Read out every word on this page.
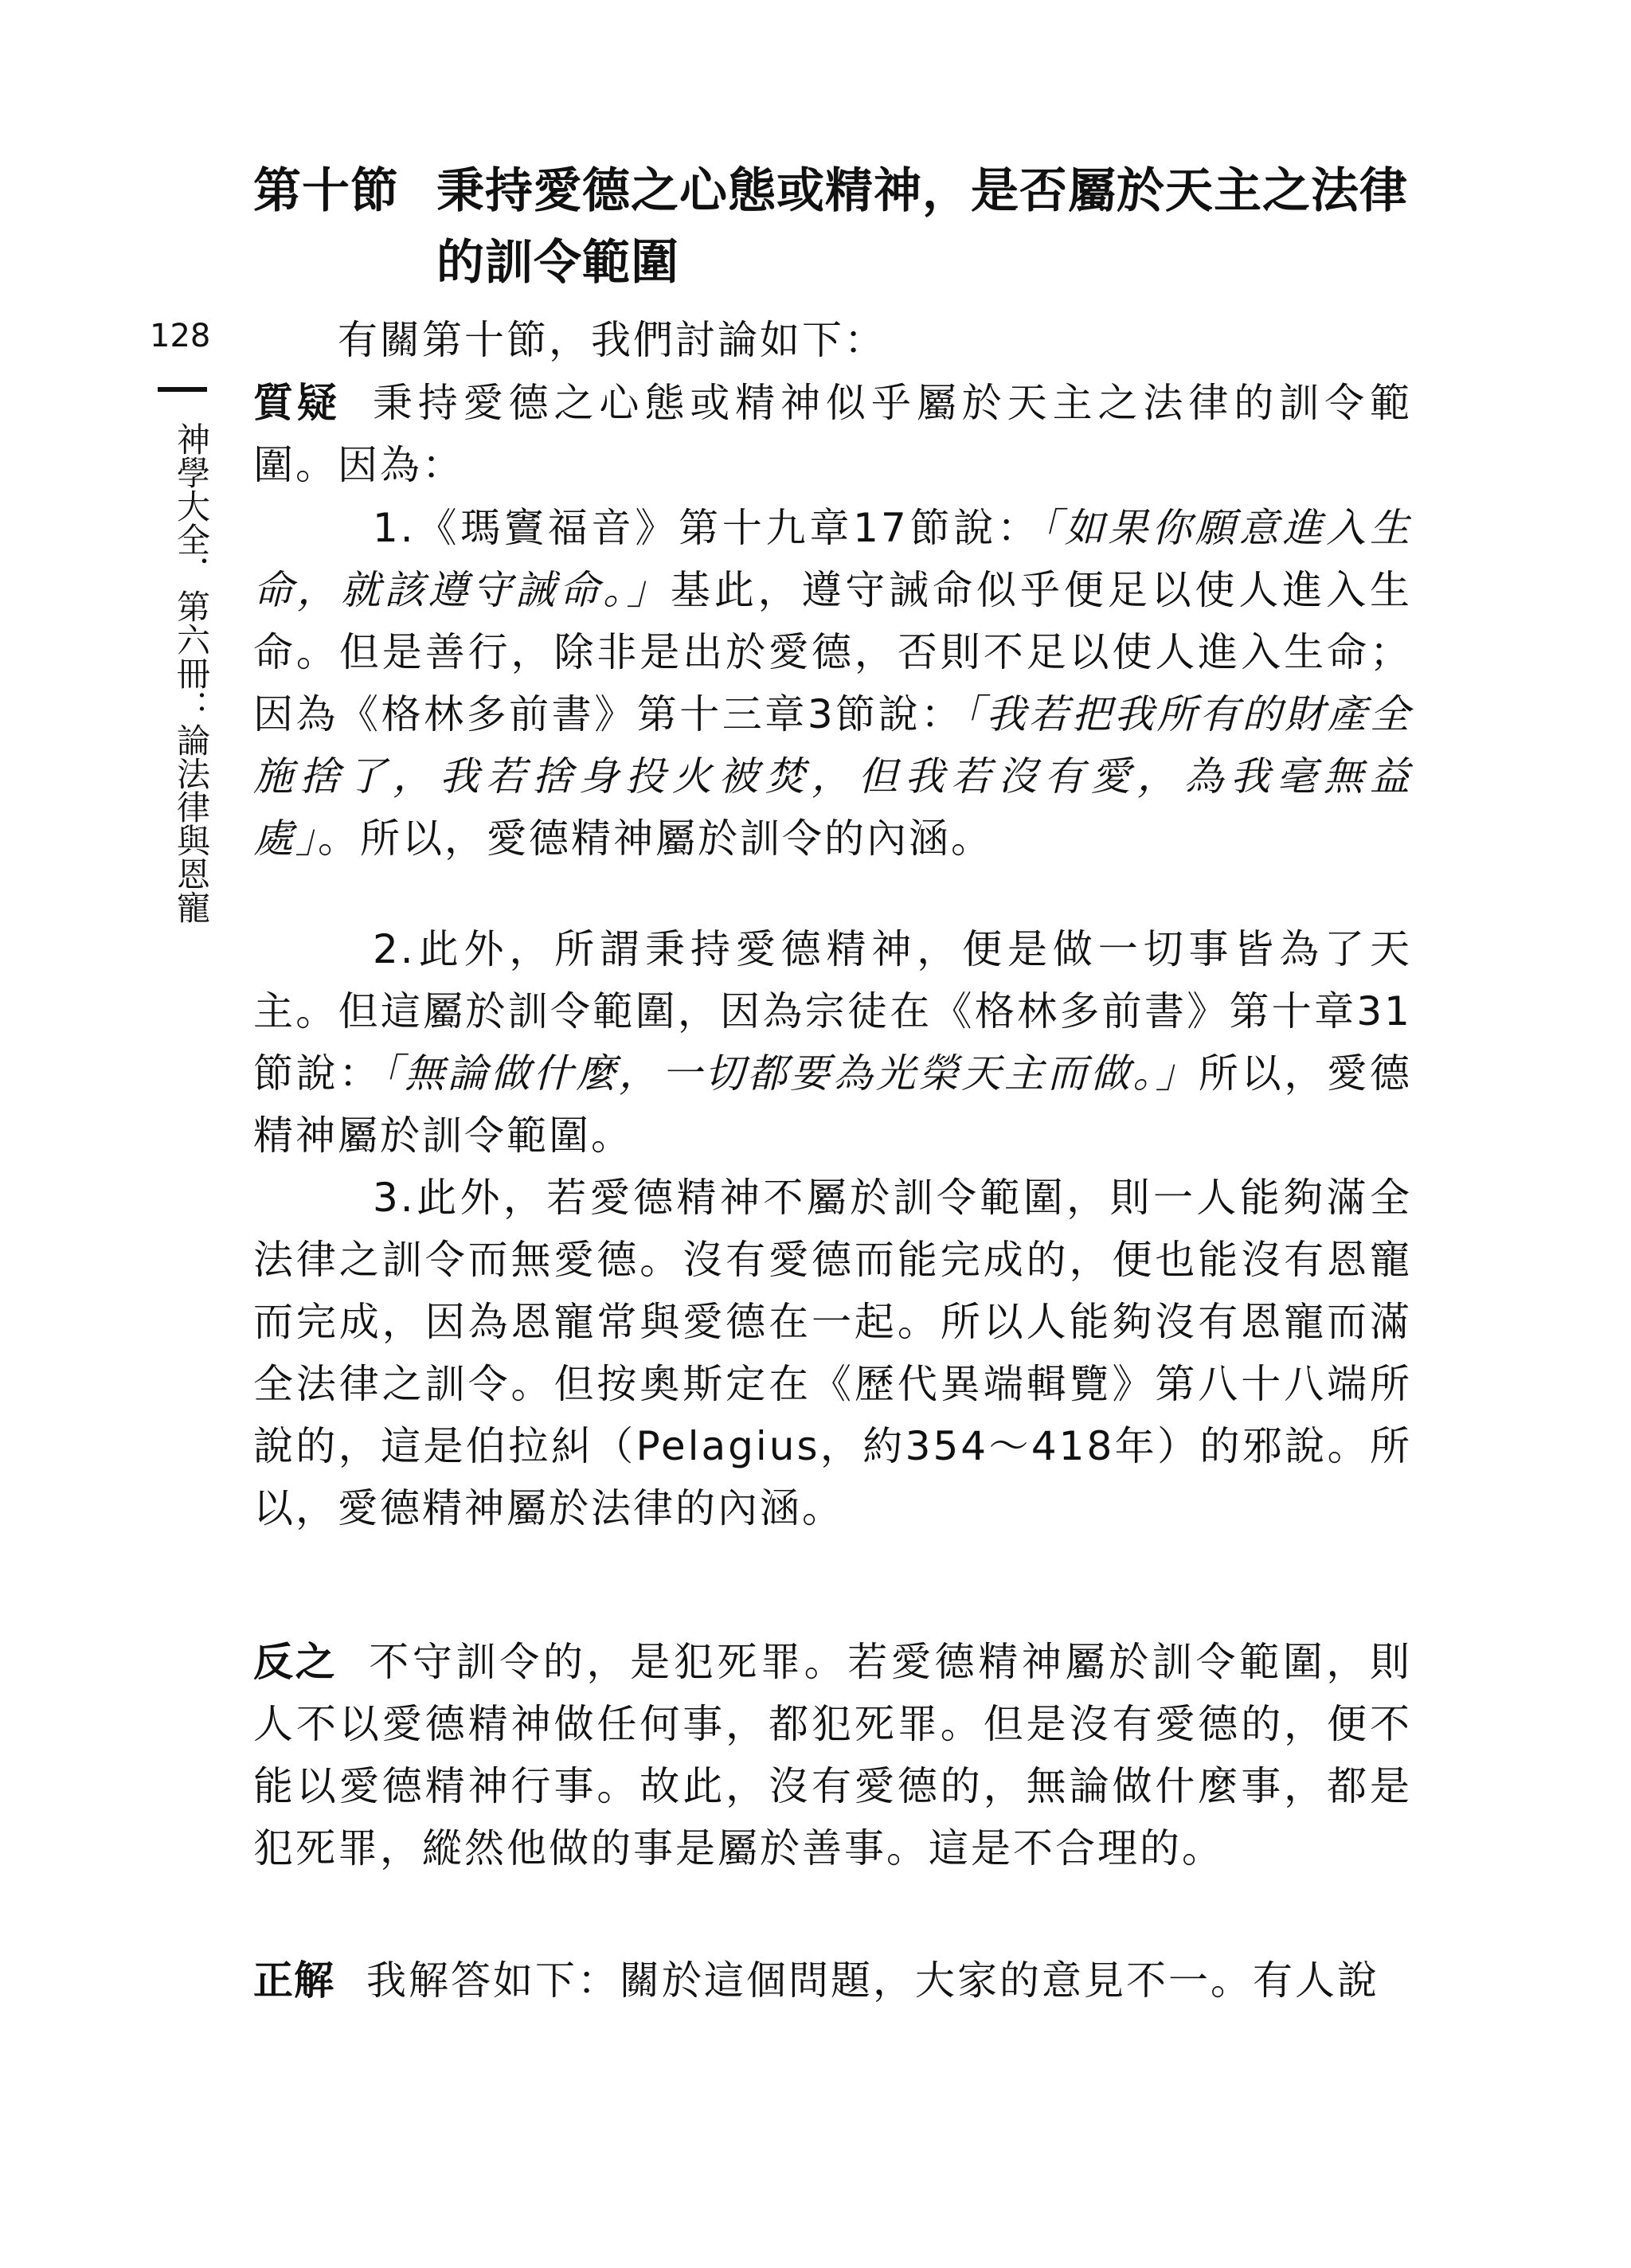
第十節 秉持愛德之心態或精神，是否屬於天主之法律
的訓令範圍
128
神學大全．第六冊：論法律與恩寵
有關第十節，我們討論如下：
質疑 秉持愛德之心態或精神似乎屬於天主之法律的訓令範圍。因為：
1.《瑪竇福音》第十九章17節說：「如果你願意進入生命，就該遵守誡命。」基此，遵守誡命似乎便足以使人進入生命。但是善行，除非是出於愛德，否則不足以使人進入生命；因為《格林多前書》第十三章3節說：「我若把我所有的財產全施捨了，我若捨身投火被焚，但我若沒有愛，為我毫無益處」。所以，愛德精神屬於訓令的內涵。
2.此外，所謂秉持愛德精神，便是做一切事皆為了天主。但這屬於訓令範圍，因為宗徒在《格林多前書》第十章31節說：「無論做什麼，一切都要為光榮天主而做。」所以，愛德精神屬於訓令範圍。
3.此外，若愛德精神不屬於訓令範圍，則一人能夠滿全法律之訓令而無愛德。沒有愛德而能完成的，便也能沒有恩寵而完成，因為恩寵常與愛德在一起。所以人能夠沒有恩寵而滿全法律之訓令。但按奧斯定在《歷代異端輯覽》第八十八端所說的，這是伯拉糾（Pelagius，約354～418年）的邪說。所以，愛德精神屬於法律的內涵。
反之 不守訓令的，是犯死罪。若愛德精神屬於訓令範圍，則人不以愛德精神做任何事，都犯死罪。但是沒有愛德的，便不能以愛德精神行事。故此，沒有愛德的，無論做什麼事，都是犯死罪，縱然他做的事是屬於善事。這是不合理的。
正解 我解答如下：關於這個問題，大家的意見不一。有人說
